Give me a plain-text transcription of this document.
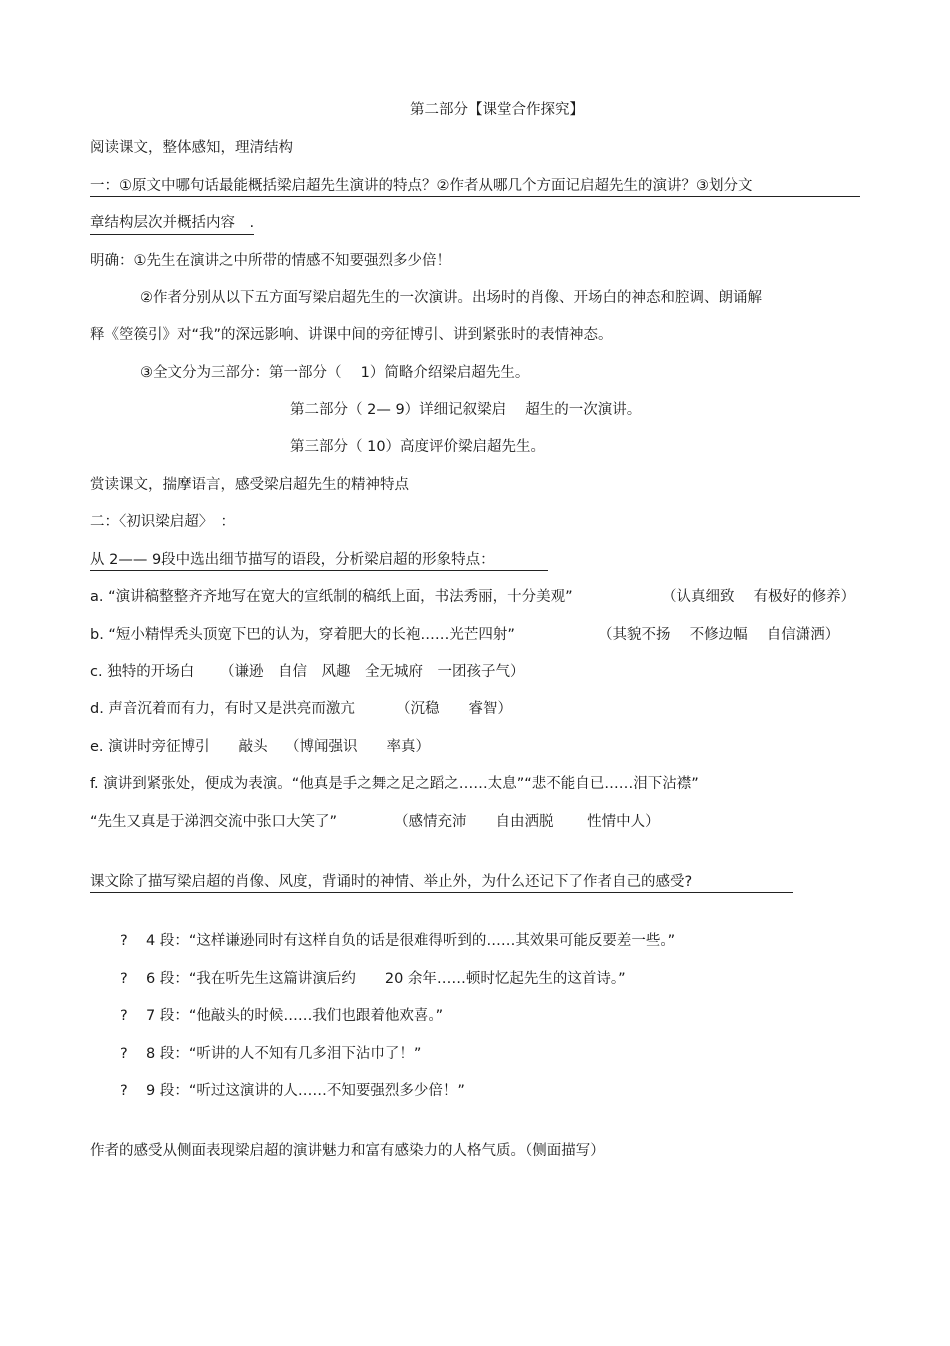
第二部分【课堂合作探究】
阅读课文，整体感知，理清结构
一：①原文中哪句话最能概括梁启超先生演讲的特点？②作者从哪几个方面记启超先生的演讲？③划分文
章结构层次并概括内容　.
明确：①先生在演讲之中所带的情感不知要强烈多少倍！
②作者分别从以下五方面写梁启超先生的一次演讲。出场时的肖像、开场白的神态和腔调、朗诵解
释《箜篌引》对“我”的深远影响、讲课中间的旁征博引、讲到紧张时的表情神态。
③全文分为三部分：第一部分（　 1）简略介绍梁启超先生。
第二部分（ 2— 9）详细记叙梁启　 超生的一次演讲。
第三部分（ 10）高度评价梁启超先生。
赏读课文，揣摩语言，感受梁启超先生的精神特点
二：〈初识梁启超〉　：
从 2—— 9段中选出细节描写的语段，分析梁启超的形象特点：
a. “演讲稿整整齐齐地写在宽大的宣纸制的稿纸上面，书法秀丽，十分美观”	（认真细致　 有极好的修养）
b. “短小精悍秃头顶宽下巴的认为，穿着肥大的长袍……光芒四射”	（其貌不扬　 不修边幅　 自信潇洒）
c. 独特的开场白 （谦逊　自信　风趣　全无城府　一团孩子气）
d. 声音沉着而有力，有时又是洪亮而激亢	（沉稳　　睿智）
e. 演讲时旁征博引　　敲头 （博闻强识　　率真）
f. 演讲到紧张处，便成为表演。“他真是手之舞之足之蹈之……太息”“悲不能自已……泪下沾襟”
“先生又真是于涕泗交流中张口大笑了”	（感情充沛　　自由洒脱　　 性情中人）
课文除了描写梁启超的肖像、风度，背诵时的神情、举止外，为什么还记下了作者自己的感受?
? 4 段：“这样谦逊同时有这样自负的话是很难得听到的……其效果可能反要差一些。”
? 6 段：“我在听先生这篇讲演后约　　20 余年……顿时忆起先生的这首诗。”
? 7 段：“他敲头的时候……我们也跟着他欢喜。”
? 8 段：“听讲的人不知有几多泪下沾巾了！”
? 9 段：“听过这演讲的人……不知要强烈多少倍！”
作者的感受从侧面表现梁启超的演讲魅力和富有感染力的人格气质。（侧面描写）
